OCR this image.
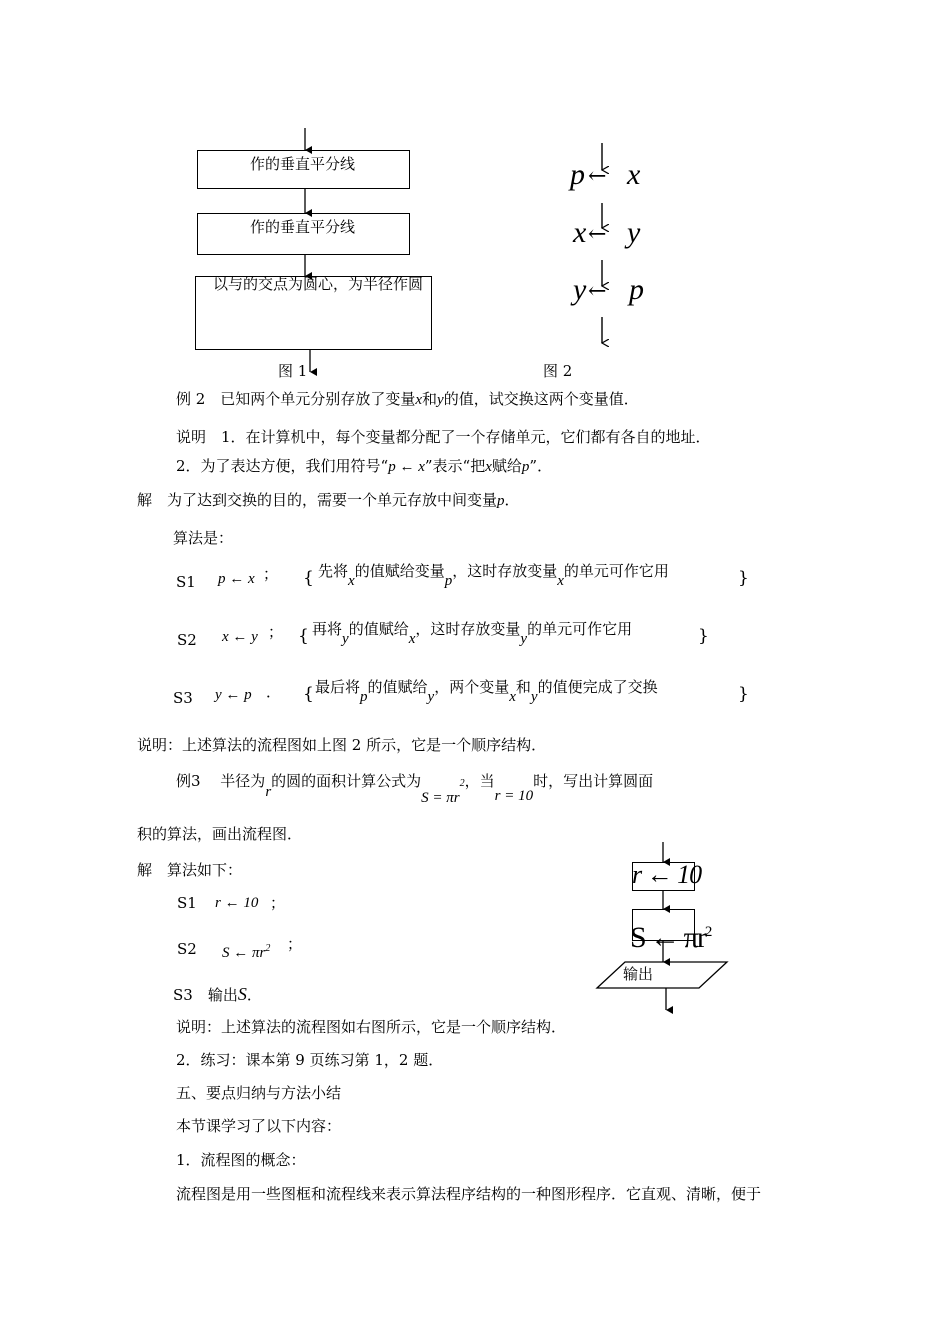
作的垂直平分线
作的垂直平分线
以与的交点为圆心，为半径作圆
图 1
p ← x
x ← y
y ← p
图 2
例 2　已知两个单元分别存放了变量x和y的值，试交换这两个变量值．
说明　1．在计算机中，每个变量都分配了一个存储单元，它们都有各自的地址．
2．为了表达方便，我们用符号“p ← x”表示“把x赋给p”．
解　为了达到交换的目的，需要一个单元存放中间变量p．
算法是：
S1 p ← x ； { 先将x的值赋给变量p，这时存放变量x的单元可作它用	}
S2 x ← y ； { 再将y的值赋给x，这时存放变量y的单元可作它用	}
S3 y ← p ． { 最后将p的值赋给y，两个变量x和y的值便完成了交换	}
说明：上述算法的流程图如上图 2 所示，它是一个顺序结构．
例3　 半径为r的圆的面积计算公式为$S = \pi r^2$，当r = 10时，写出计算圆面
积的算法，画出流程图．
解　算法如下：
S1 r ← 10 ；
S2 S ← $\pi r^2$ ；
S3　 输出S．
r ← 10
S ← $\pi r^2$
输出
说明：上述算法的流程图如右图所示，它是一个顺序结构．
2．练习：课本第 9 页练习第 1，2 题．
五、要点归纳与方法小结
本节课学习了以下内容：
1．流程图的概念：
流程图是用一些图框和流程线来表示算法程序结构的一种图形程序．它直观、清晰，便于
